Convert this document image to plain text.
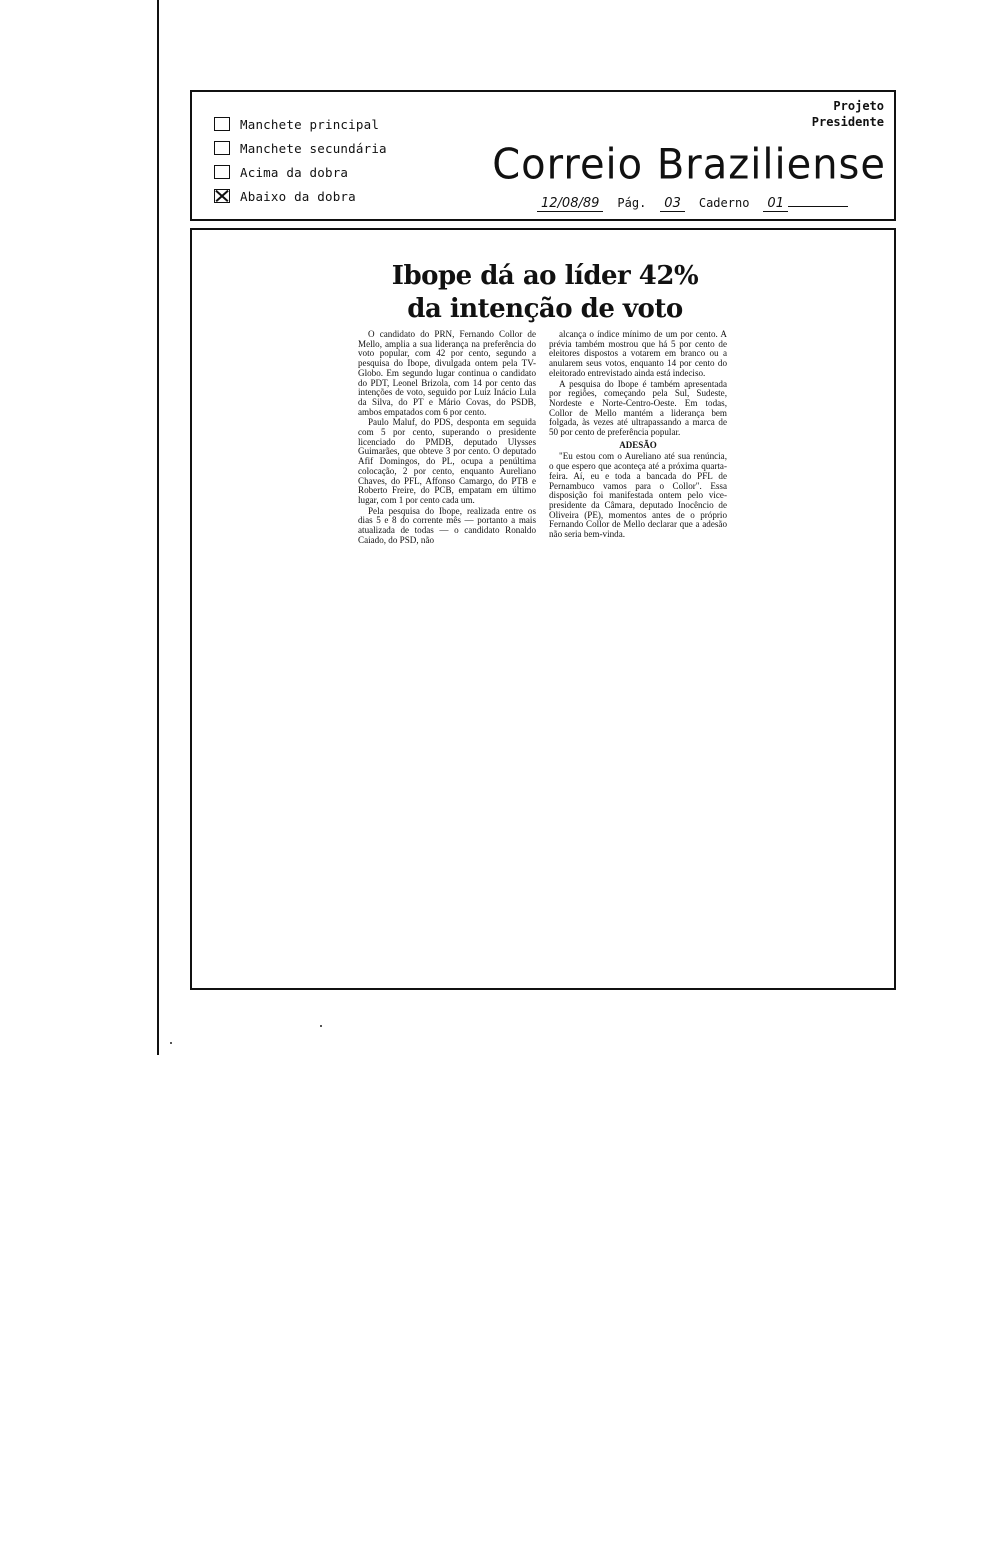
Manchete principal
Manchete secundária
Acima da dobra
Abaixo da dobra
Projeto
Presidente
Correio Braziliense
12/08/89	Pág.	03	Caderno	01
Ibope dá ao líder 42%
da intenção de voto

O candidato do PRN, Fernando Collor de Mello, amplia a sua liderança na preferência do voto popular, com 42 por cento, segundo a pesquisa do Ibope, divulgada ontem pela TV-Globo. Em segundo lugar continua o candidato do PDT, Leonel Brizola, com 14 por cento das intenções de voto, seguido por Luiz Inácio Lula da Silva, do PT e Mário Covas, do PSDB, ambos empatados com 6 por cento.

Paulo Maluf, do PDS, desponta em seguida com 5 por cento, superando o presidente licenciado do PMDB, deputado Ulysses Guimarães, que obteve 3 por cento. O deputado Afif Domingos, do PL, ocupa a penúltima colocação, 2 por cento, enquanto Aureliano Chaves, do PFL, Affonso Camargo, do PTB e Roberto Freire, do PCB, empatam em último lugar, com 1 por cento cada um.

Pela pesquisa do Ibope, realizada entre os dias 5 e 8 do corrente mês — portanto a mais atualizada de todas — o candidato Ronaldo Caiado, do PSD, não

alcança o índice mínimo de um por cento. A prévia também mostrou que há 5 por cento de eleitores dispostos a votarem em branco ou a anularem seus votos, enquanto 14 por cento do eleitorado entrevistado ainda está indeciso.

A pesquisa do Ibope é também apresentada por regiões, começando pela Sul, Sudeste, Nordeste e Norte-Centro-Oeste. Em todas, Collor de Mello mantém a liderança bem folgada, às vezes até ultrapassando a marca de 50 por cento de preferência popular.

ADESÃO

"Eu estou com o Aureliano até sua renúncia, o que espero que aconteça até a próxima quarta-feira. Aí, eu e toda a bancada do PFL de Pernambuco vamos para o Collor". Essa disposição foi manifestada ontem pelo vice-presidente da Câmara, deputado Inocêncio de Oliveira (PE), momentos antes de o próprio Fernando Collor de Mello declarar que a adesão não seria bem-vinda.
